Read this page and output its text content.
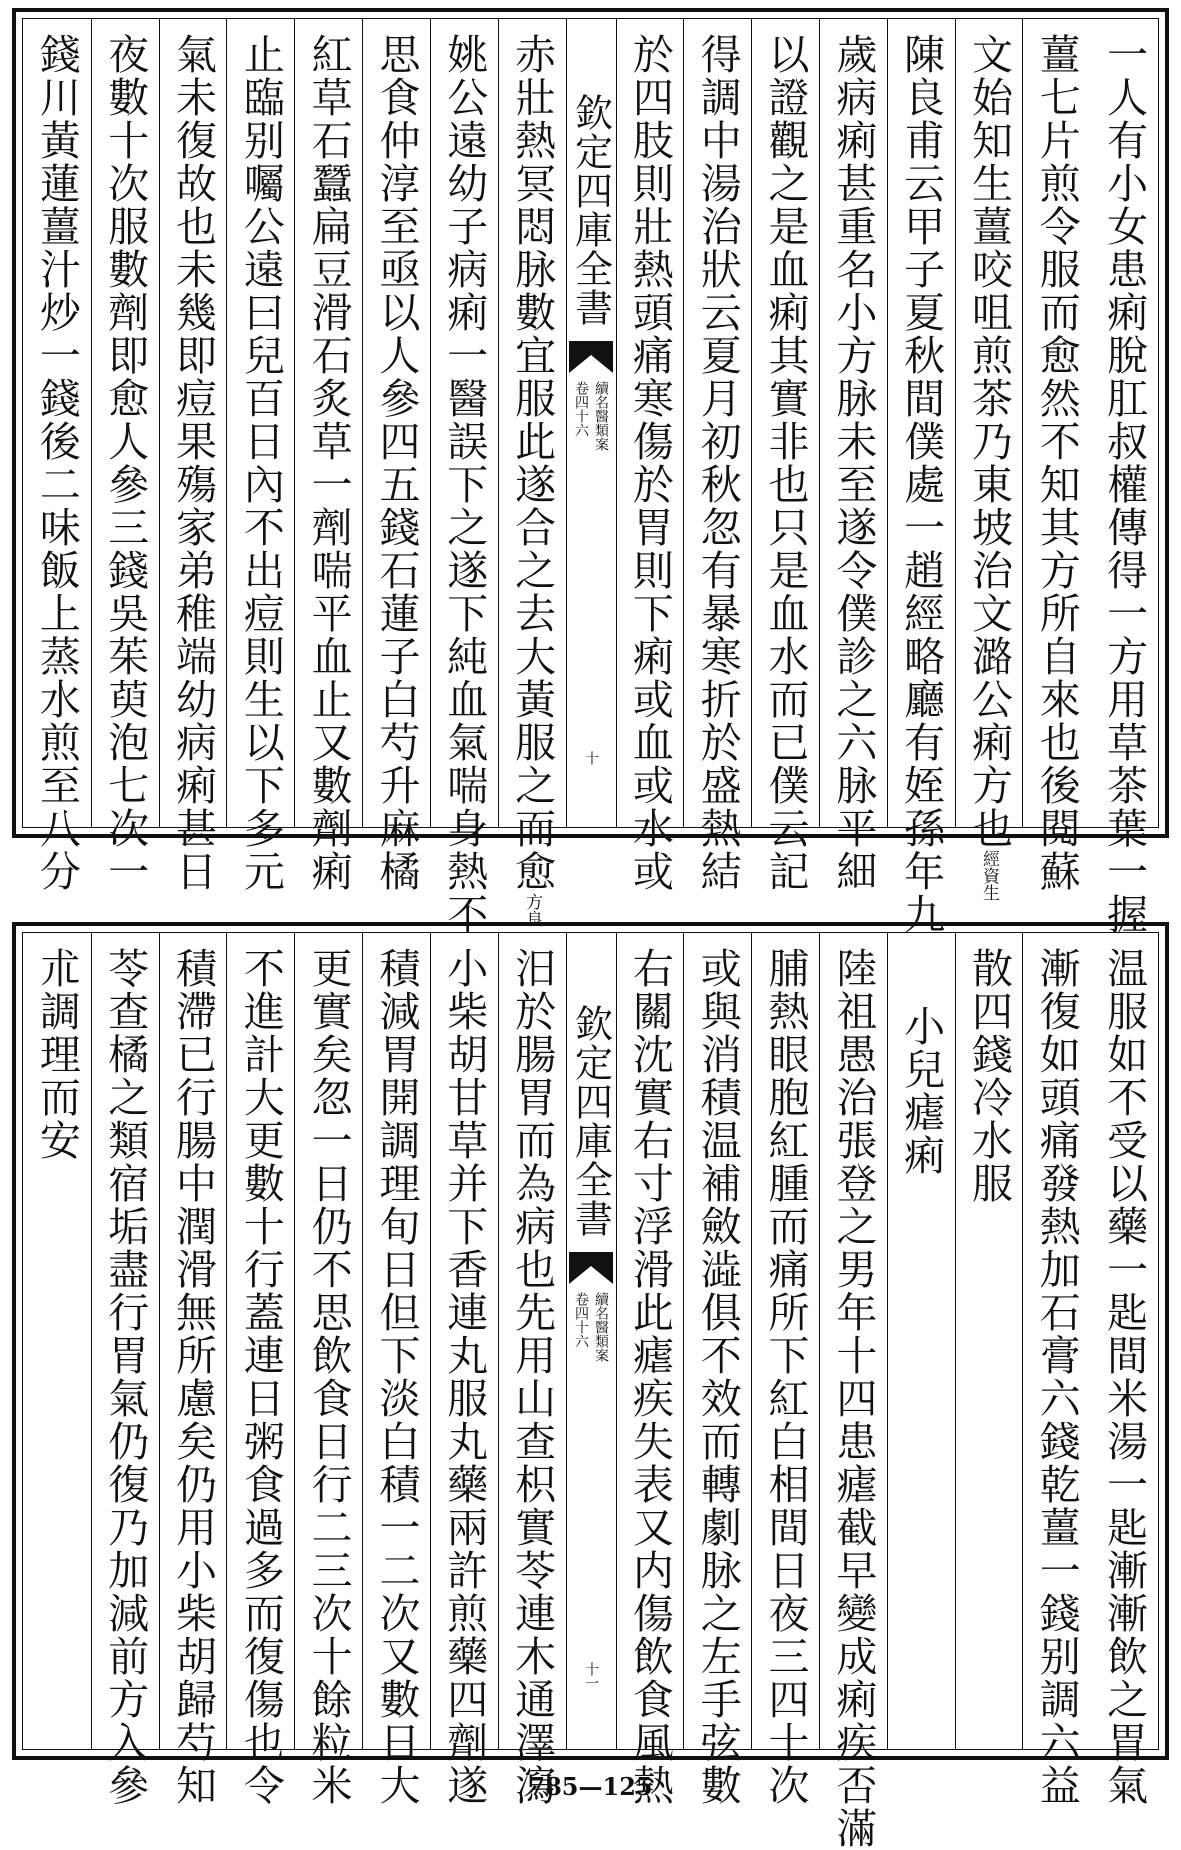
一人有小女患痢脫肛叔權傳得一方用草茶葉一握
薑七片煎令服而愈然不知其方所自來也後閱蘇
文始知生薑咬咀煎茶乃東坡治文潞公痢方也
資生
經
陳良甫云甲子夏秋間僕處一趙經略廳有姪孫年九
歲病痢甚重名小方脉未至遂令僕診之六脉平細
以證觀之是血痢其實非也只是血水而已僕云記
得調中湯治狀云夏月初秋忽有暴寒折於盛熱結
於四肢則壯熱頭痛寒傷於胃則下痢或血或水或
欽定四庫全書
續名醫類案
卷四十六
十
赤壯熱冥悶脉數宜服此遂合之去大黃服之而愈
良
方
姚公遠幼子病痢一醫誤下之遂下純血氣喘身熱不
思食仲淳至亟以人參四五錢石蓮子白芍升麻橘
紅草石蠶扁豆滑石炙草一劑喘平血止又數劑痢
止臨别囑公遠曰兒百日內不出痘則生以下多元
氣未復故也未幾即痘果殤家弟稚端幼病痢甚日
夜數十次服數劑即愈人參三錢吳茱萸泡七次一
錢川黃蓮薑汁炒一錢後二味飯上蒸水煎至八分
温服如不受以藥一匙間米湯一匙漸漸飲之胃氣
漸復如頭痛發熱加石膏六錢乾薑一錢别調六益
散四錢冷水服
小兒瘧痢
陸祖愚治張登之男年十四患瘧截早變成痢疾否滿
脯熱眼胞紅腫而痛所下紅白相間日夜三四十次
或與消積温補斂澁俱不效而轉劇脉之左手弦數
右關沈實右寸浮滑此瘧疾失表又内傷飲食風熱
欽定四庫全書
續名醫類案
卷四十六
十一
汨於腸胃而為病也先用山查枳實苓連木通澤瀉
小柴胡甘草并下香連丸服丸藥兩許煎藥四劑遂
積減胃開調理旬日但下淡白積一二次又數日大
更實矣忽一日仍不思飲食日行二三次十餘粒米
不進計大更數十行蓋連日粥食過多而復傷也令
積滯已行腸中潤滑無所慮矣仍用小柴胡歸芍知
苓查橘之類宿垢盡行胃氣仍復乃加減前方入參
朮調理而安
785—125
